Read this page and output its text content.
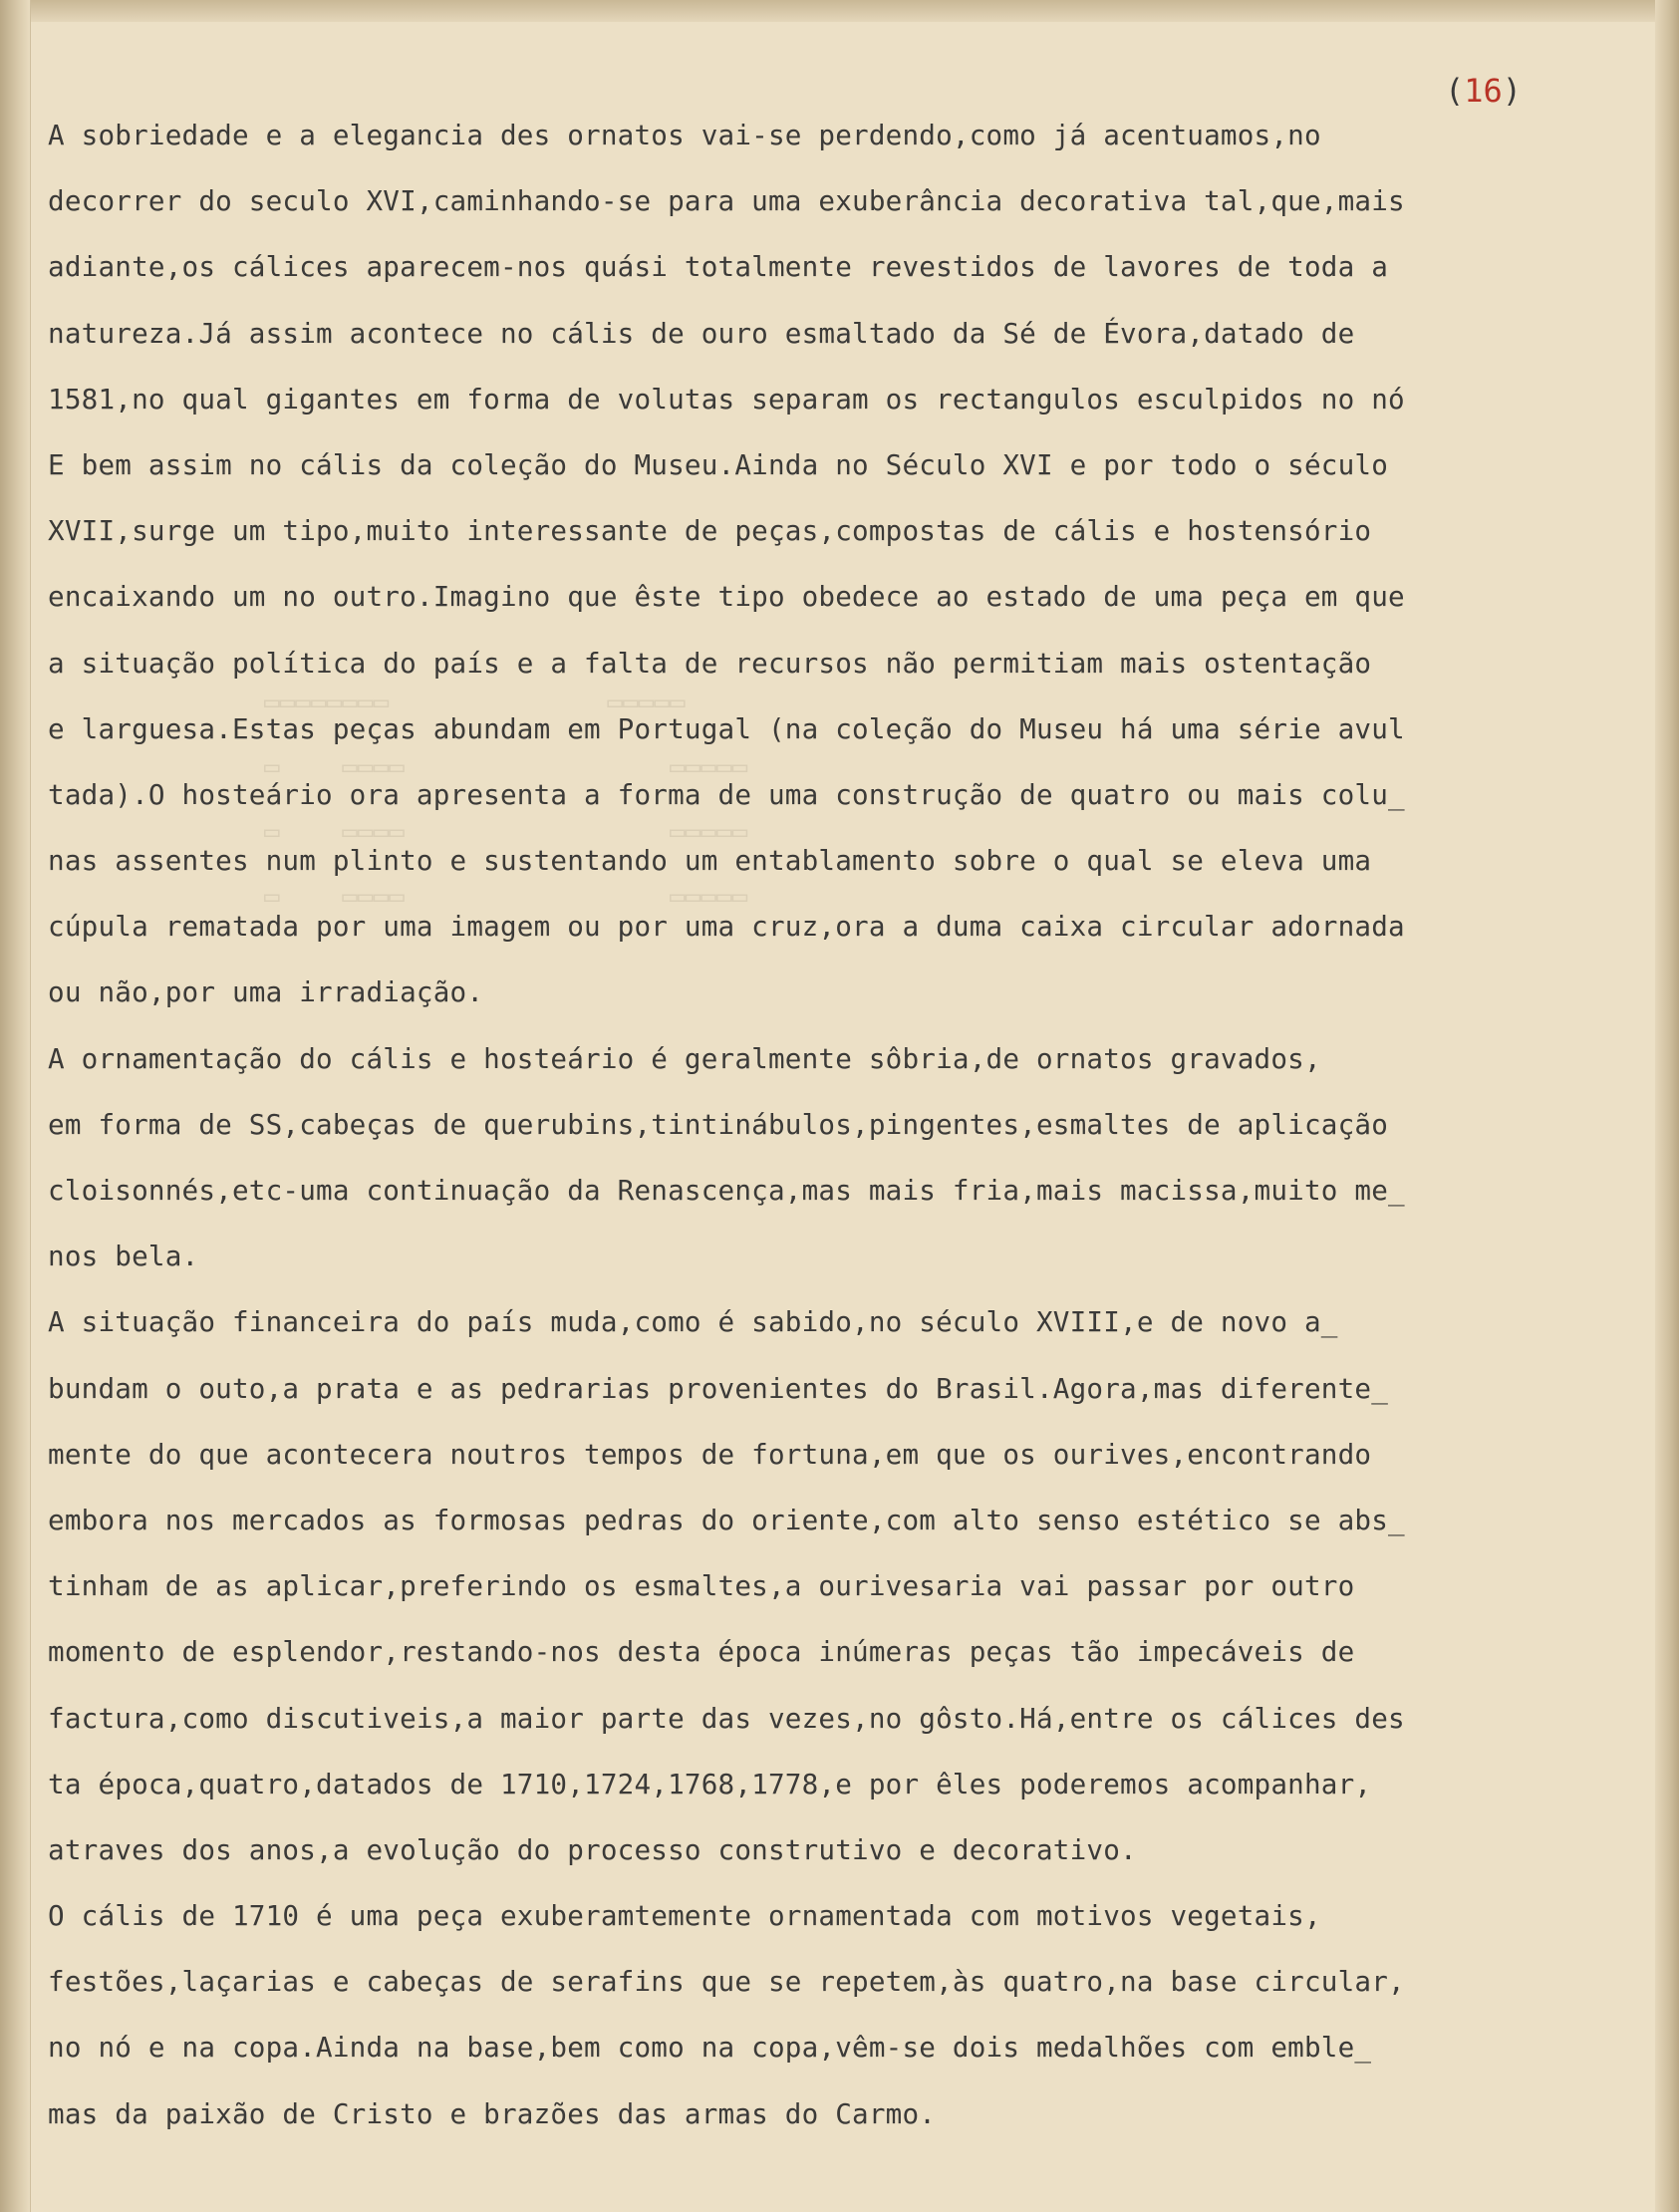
▭▭▭▭▭▭▭▭              ▭▭▭▭▭
▭    ▭▭▭▭                 ▭▭▭▭▭
▭    ▭▭▭▭                 ▭▭▭▭▭
▭    ▭▭▭▭                 ▭▭▭▭▭

(16)

A sobriedade e a elegancia des ornatos vai-se perdendo,como já acentuamos,no
decorrer do seculo XVI,caminhando-se para uma exuberância decorativa tal,que,mais
adiante,os cálices aparecem-nos quási totalmente revestidos de lavores de toda a
natureza.Já assim acontece no cális de ouro esmaltado da Sé de Évora,datado de
1581,no qual gigantes em forma de volutas separam os rectangulos esculpidos no nó
E bem assim no cális da coleção do Museu.Ainda no Século XVI e por todo o século
XVII,surge um tipo,muito interessante de peças,compostas de cális e hostensório
encaixando um no outro.Imagino que êste tipo obedece ao estado de uma peça em que
a situação política do país e a falta de recursos não permitiam mais ostentação
e larguesa.Estas peças abundam em Portugal (na coleção do Museu há uma série avul
tada).O hosteário ora apresenta a forma de uma construção de quatro ou mais colu_
nas assentes num plinto e sustentando um entablamento sobre o qual se eleva uma
cúpula rematada por uma imagem ou por uma cruz,ora a duma caixa circular adornada
ou não,por uma irradiação.
A ornamentação do cális e hosteário é geralmente sôbria,de ornatos gravados,
em forma de SS,cabeças de querubins,tintinábulos,pingentes,esmaltes de aplicação
cloisonnés,etc-uma continuação da Renascença,mas mais fria,mais macissa,muito me_
nos bela.
A situação financeira do país muda,como é sabido,no século XVIII,e de novo a_
bundam o outo,a prata e as pedrarias provenientes do Brasil.Agora,mas diferente_
mente do que acontecera noutros tempos de fortuna,em que os ourives,encontrando
embora nos mercados as formosas pedras do oriente,com alto senso estético se abs_
tinham de as aplicar,preferindo os esmaltes,a ourivesaria vai passar por outro
momento de esplendor,restando-nos desta época inúmeras peças tão impecáveis de
factura,como discutiveis,a maior parte das vezes,no gôsto.Há,entre os cálices des
ta época,quatro,datados de 1710,1724,1768,1778,e por êles poderemos acompanhar,
atraves dos anos,a evolução do processo construtivo e decorativo.
O cális de 1710 é uma peça exuberamtemente ornamentada com motivos vegetais,
festões,laçarias e cabeças de serafins que se repetem,às quatro,na base circular,
no nó e na copa.Ainda na base,bem como na copa,vêm-se dois medalhões com emble_
mas da paixão de Cristo e brazões das armas do Carmo.
